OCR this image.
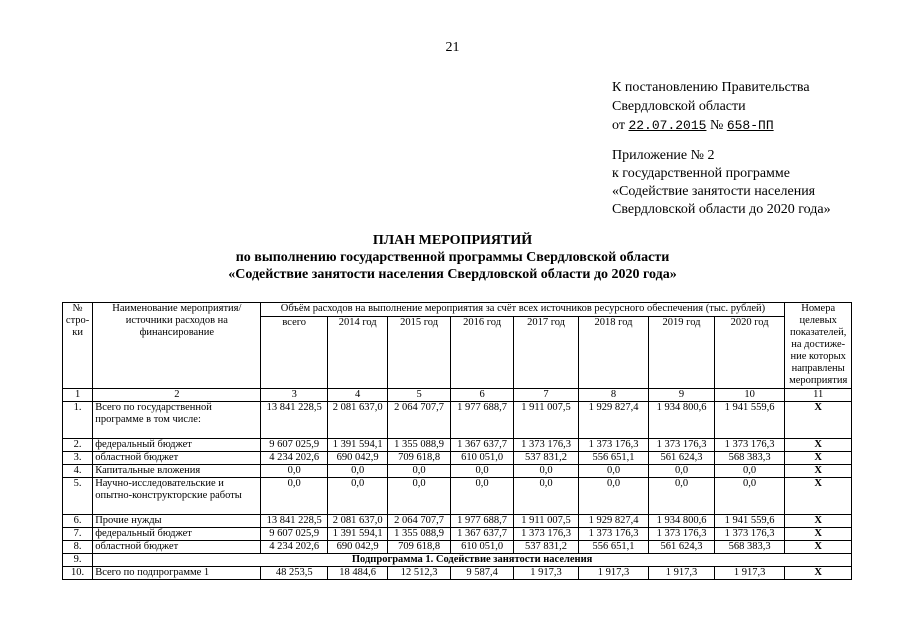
21
К постановлению Правительства
Свердловской области
от 22.07.2015 № 658-ПП
Приложение № 2
к государственной программе
«Содействие занятости населения
Свердловской области до 2020 года»
ПЛАН МЕРОПРИЯТИЙ
по выполнению государственной программы Свердловской области
«Содействие занятости населения Свердловской области до 2020 года»
№ стро-ки	Наименование мероприятия/ источники расходов на финансирование	Объём расходов на выполнение мероприятия за счёт всех источников ресурсного обеспечения (тыс. рублей)								Номера целевых показателей, на достиже-ние которых направлены мероприятия
		всего	2014 год	2015 год	2016 год	2017 год	2018 год	2019 год	2020 год	
1	2	3	4	5	6	7	8	9	10	11
1.	Всего по государственной программе в том числе:	13 841 228,5	2 081 637,0	2 064 707,7	1 977 688,7	1 911 007,5	1 929 827,4	1 934 800,6	1 941 559,6	Х
2.	федеральный бюджет	9 607 025,9	1 391 594,1	1 355 088,9	1 367 637,7	1 373 176,3	1 373 176,3	1 373 176,3	1 373 176,3	Х
3.	областной бюджет	4 234 202,6	690 042,9	709 618,8	610 051,0	537 831,2	556 651,1	561 624,3	568 383,3	Х
4.	Капитальные вложения	0,0	0,0	0,0	0,0	0,0	0,0	0,0	0,0	Х
5.	Научно-исследовательские и опытно-конструкторские работы	0,0	0,0	0,0	0,0	0,0	0,0	0,0	0,0	Х
6.	Прочие нужды	13 841 228,5	2 081 637,0	2 064 707,7	1 977 688,7	1 911 007,5	1 929 827,4	1 934 800,6	1 941 559,6	Х
7.	федеральный бюджет	9 607 025,9	1 391 594,1	1 355 088,9	1 367 637,7	1 373 176,3	1 373 176,3	1 373 176,3	1 373 176,3	Х
8.	областной бюджет	4 234 202,6	690 042,9	709 618,8	610 051,0	537 831,2	556 651,1	561 624,3	568 383,3	Х
9.	Подпрограмма 1. Содействие занятости населения									
10.	Всего по подпрограмме 1	48 253,5	18 484,6	12 512,3	9 587,4	1 917,3	1 917,3	1 917,3	1 917,3	Х
